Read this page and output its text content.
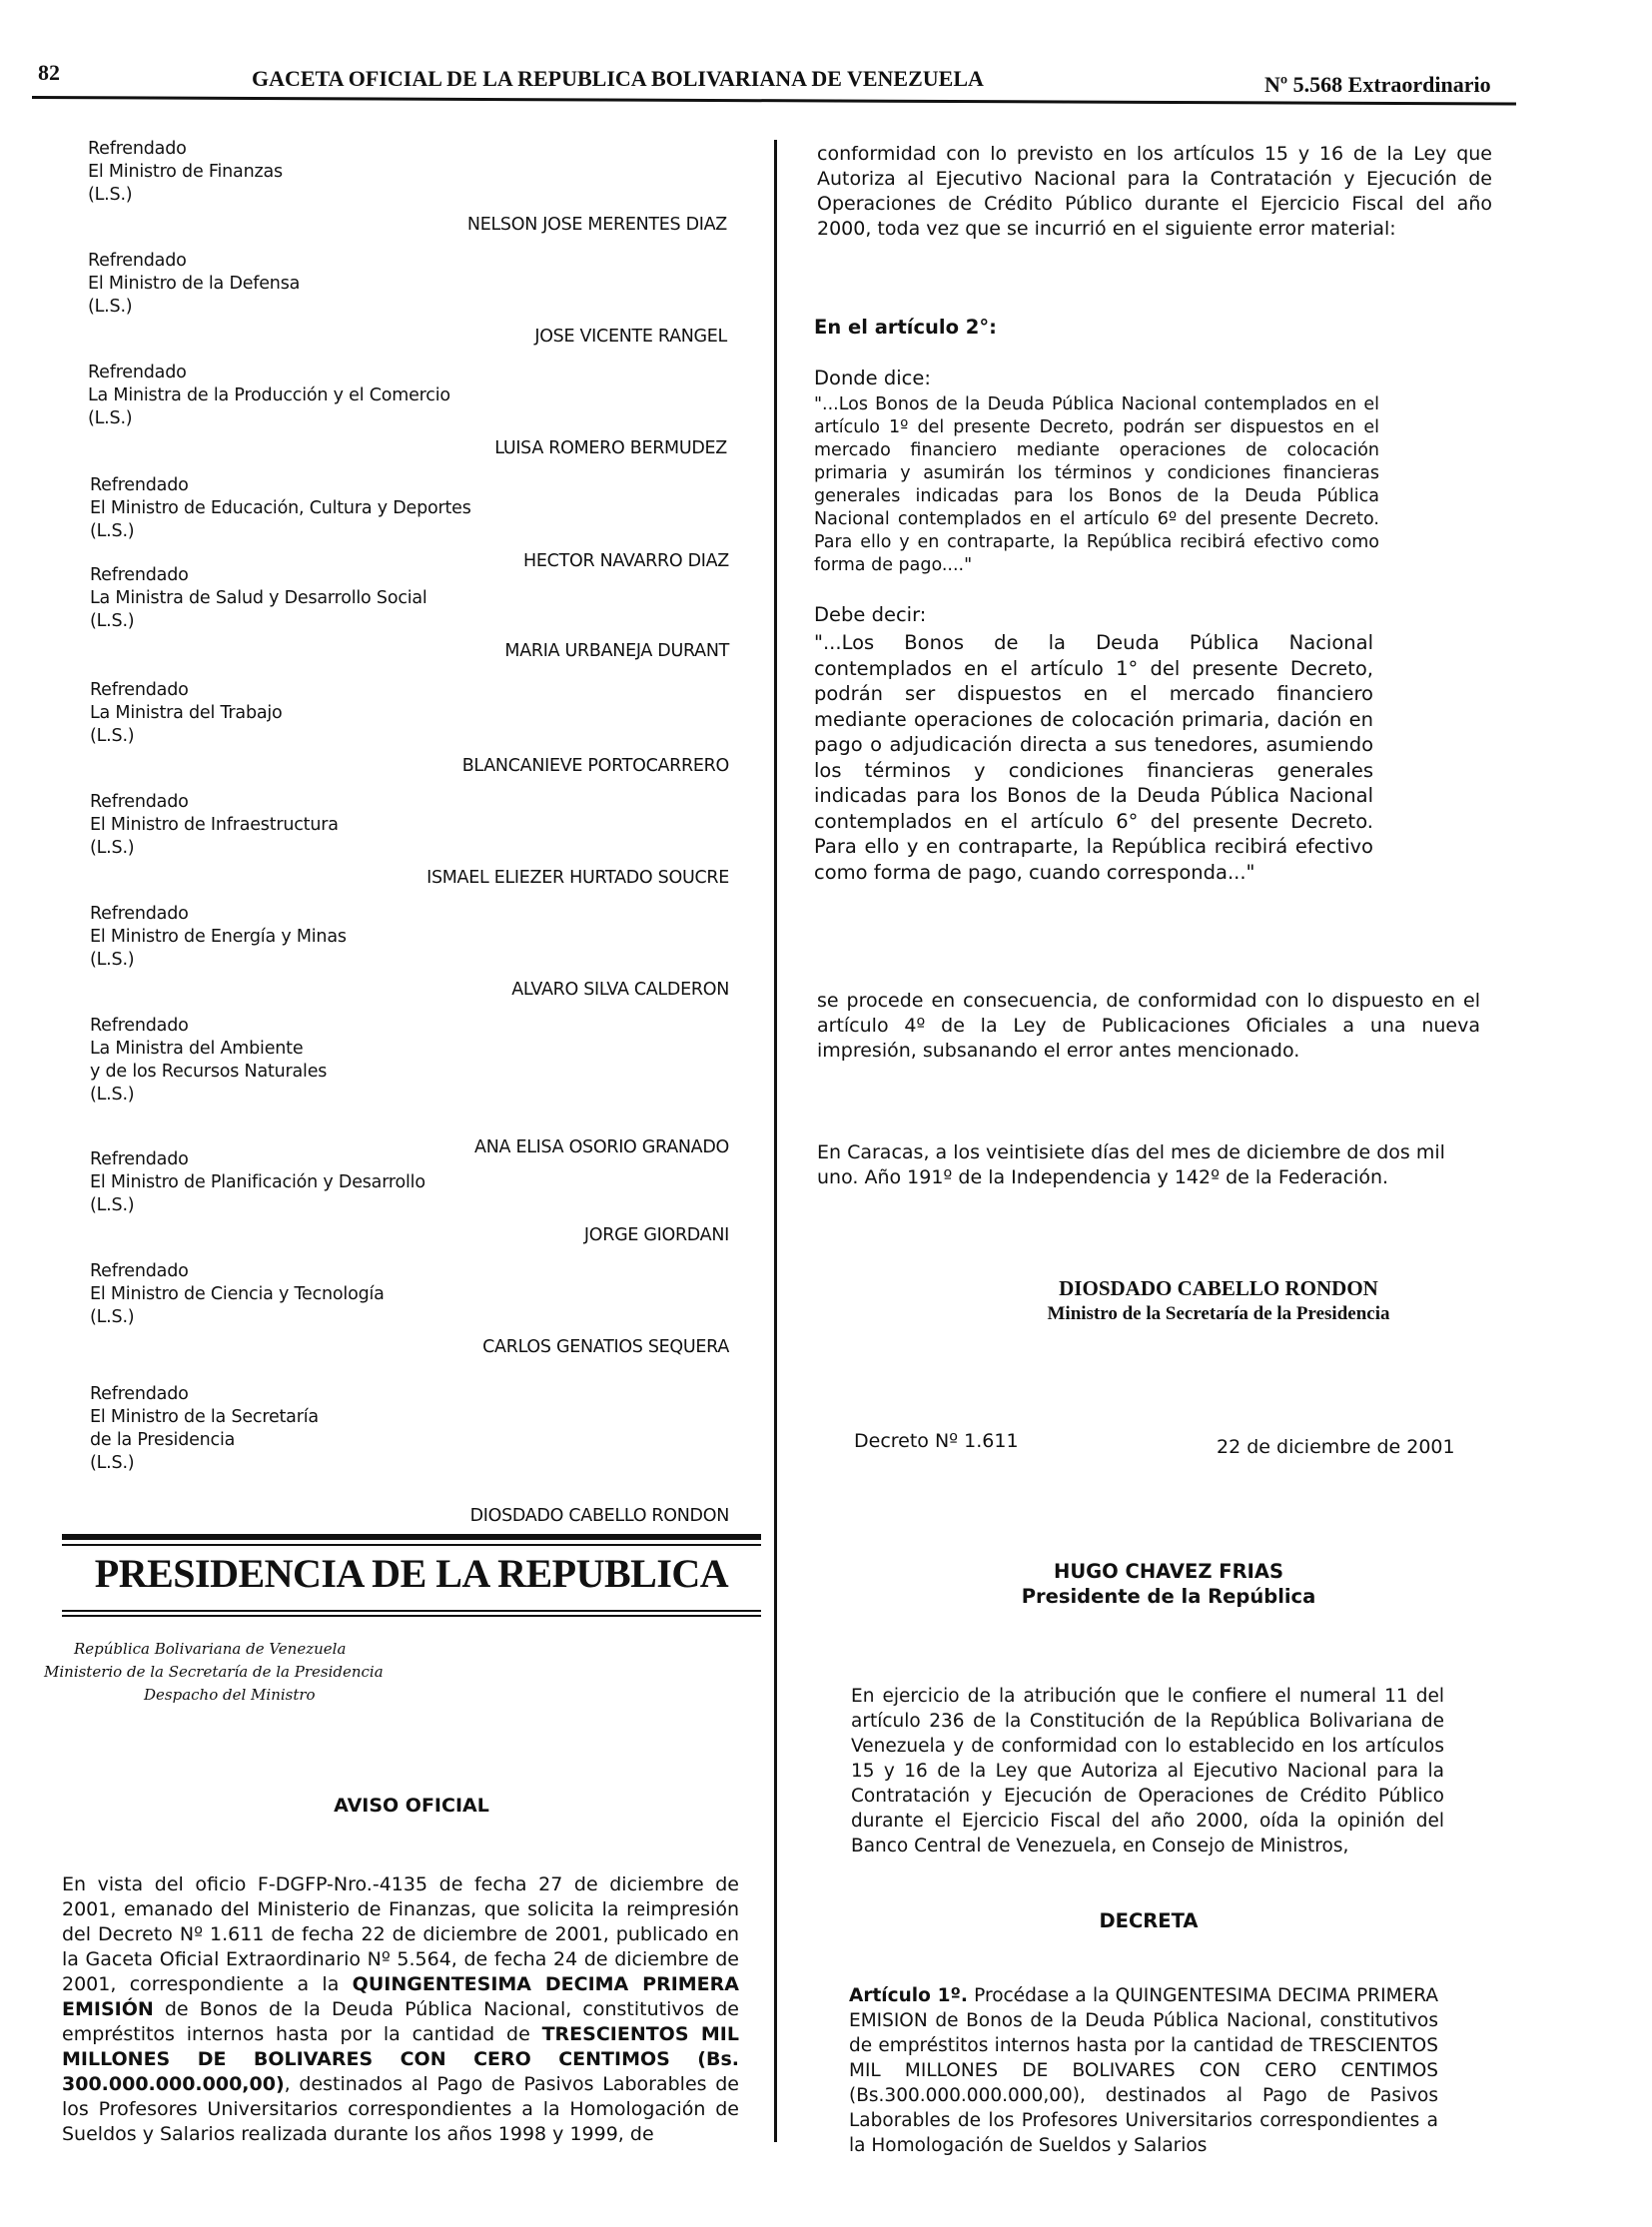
82	GACETA OFICIAL DE LA REPUBLICA BOLIVARIANA DE VENEZUELA	Nº 5.568 Extraordinario
Refrendado
El Ministro de Finanzas
(L.S.)
NELSON JOSE MERENTES DIAZ
Refrendado
El Ministro de la Defensa
(L.S.)
JOSE VICENTE RANGEL
Refrendado
La Ministra de la Producción y el Comercio
(L.S.)
LUISA ROMERO BERMUDEZ
Refrendado
El Ministro de Educación, Cultura y Deportes
(L.S.)
HECTOR NAVARRO DIAZ
Refrendado
La Ministra de Salud y Desarrollo Social
(L.S.)
MARIA URBANEJA DURANT
Refrendado
La Ministra del Trabajo
(L.S.)
BLANCANIEVE PORTOCARRERO
Refrendado
El Ministro de Infraestructura
(L.S.)
ISMAEL ELIEZER HURTADO SOUCRE
Refrendado
El Ministro de Energía y Minas
(L.S.)
ALVARO SILVA CALDERON
Refrendado
La Ministra del Ambiente
y de los Recursos Naturales
(L.S.)
ANA ELISA OSORIO GRANADO
Refrendado
El Ministro de Planificación y Desarrollo
(L.S.)
JORGE GIORDANI
Refrendado
El Ministro de Ciencia y Tecnología
(L.S.)
CARLOS GENATIOS SEQUERA
Refrendado
El Ministro de la Secretaría
de la Presidencia
(L.S.)
DIOSDADO CABELLO RONDON
PRESIDENCIA DE LA REPUBLICA
República Bolivariana de Venezuela
Ministerio de la Secretaría de la Presidencia
Despacho del Ministro
AVISO OFICIAL
En vista del oficio F-DGFP-Nro.-4135 de fecha 27 de diciembre de 2001, emanado del Ministerio de Finanzas, que solicita la reimpresión del Decreto Nº 1.611 de fecha 22 de diciembre de 2001, publicado en la Gaceta Oficial Extraordinario Nº 5.564, de fecha 24 de diciembre de 2001, correspondiente a la QUINGENTESIMA DECIMA PRIMERA EMISIÓN de Bonos de la Deuda Pública Nacional, constitutivos de empréstitos internos hasta por la cantidad de TRESCIENTOS MIL MILLONES DE BOLIVARES CON CERO CENTIMOS (Bs. 300.000.000.000,00), destinados al Pago de Pasivos Laborables de los Profesores Universitarios correspondientes a la Homologación de Sueldos y Salarios realizada durante los años 1998 y 1999, de
conformidad con lo previsto en los artículos 15 y 16 de la Ley que Autoriza al Ejecutivo Nacional para la Contratación y Ejecución de Operaciones de Crédito Público durante el Ejercicio Fiscal del año 2000, toda vez que se incurrió en el siguiente error material:
En el artículo 2°:
Donde dice:
"...Los Bonos de la Deuda Pública Nacional contemplados en el artículo 1º del presente Decreto, podrán ser dispuestos en el mercado financiero mediante operaciones de colocación primaria y asumirán los términos y condiciones financieras generales indicadas para los Bonos de la Deuda Pública Nacional contemplados en el artículo 6º del presente Decreto. Para ello y en contraparte, la República recibirá efectivo como forma de pago...."
Debe decir:
"...Los Bonos de la Deuda Pública Nacional contemplados en el artículo 1° del presente Decreto, podrán ser dispuestos en el mercado financiero mediante operaciones de colocación primaria, dación en pago o adjudicación directa a sus tenedores, asumiendo los términos y condiciones financieras generales indicadas para los Bonos de la Deuda Pública Nacional contemplados en el artículo 6° del presente Decreto. Para ello y en contraparte, la República recibirá efectivo como forma de pago, cuando corresponda..."
se procede en consecuencia, de conformidad con lo dispuesto en el artículo 4º de la Ley de Publicaciones Oficiales a una nueva impresión, subsanando el error antes mencionado.
En Caracas, a los veintisiete días del mes de diciembre de dos mil uno. Año 191º de la Independencia y 142º de la Federación.
DIOSDADO CABELLO RONDON
Ministro de la Secretaría de la Presidencia
Decreto Nº 1.611	22 de diciembre de 2001
HUGO CHAVEZ FRIAS
Presidente de la República
En ejercicio de la atribución que le confiere el numeral 11 del artículo 236 de la Constitución de la República Bolivariana de Venezuela y de conformidad con lo establecido en los artículos 15 y 16 de la Ley que Autoriza al Ejecutivo Nacional para la Contratación y Ejecución de Operaciones de Crédito Público durante el Ejercicio Fiscal del año 2000, oída la opinión del Banco Central de Venezuela, en Consejo de Ministros,
DECRETA
Artículo 1º. Procédase a la QUINGENTESIMA DECIMA PRIMERA EMISION de Bonos de la Deuda Pública Nacional, constitutivos de empréstitos internos hasta por la cantidad de TRESCIENTOS MIL MILLONES DE BOLIVARES CON CERO CENTIMOS (Bs.300.000.000.000,00), destinados al Pago de Pasivos Laborables de los Profesores Universitarios correspondientes a la Homologación de Sueldos y Salarios
